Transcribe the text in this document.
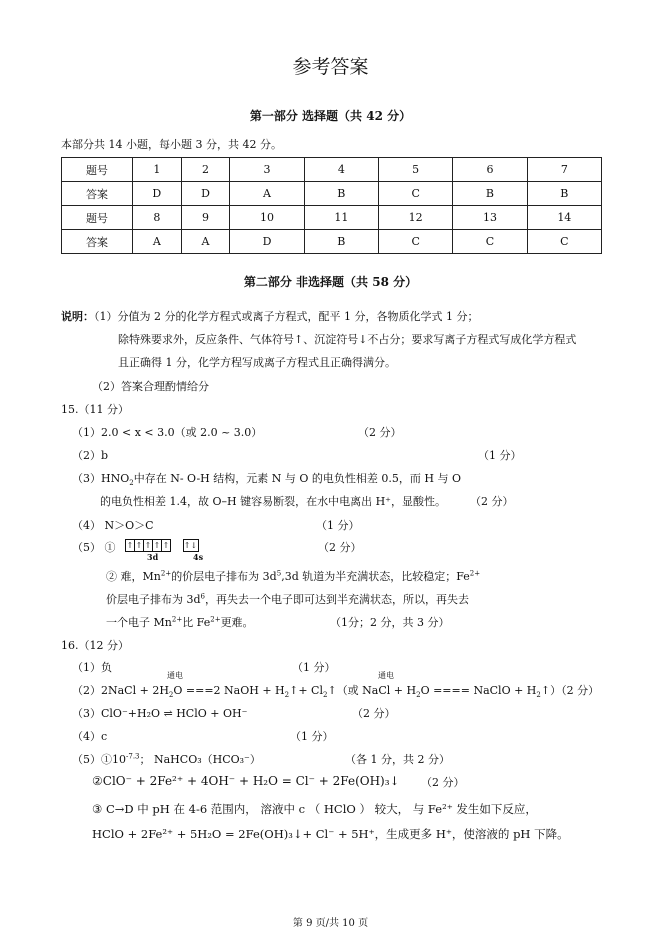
参考答案
第一部分 选择题（共 42 分）
本部分共 14 小题，每小题 3 分，共 42 分。
题号	1	2	3	4	5	6	7
答案	D	D	A	B	C	B	B
题号	8	9	10	11	12	13	14
答案	A	A	D	B	C	C	C
第二部分 非选择题（共 58 分）
说明：（1）分值为 2 分的化学方程式或离子方程式，配平 1 分，各物质化学式 1 分；
除特殊要求外，反应条件、气体符号↑、沉淀符号↓不占分；要求写离子方程式写成化学方程式
且正确得 1 分，化学方程写成离子方程式且正确得满分。
（2）答案合理酌情给分
15.（11 分）
（1）2.0 < x < 3.0（或 2.0 ~ 3.0）	（2 分）
（2）b	（1 分）
$(3)HNO_2$中存在 N- O-H 结构，元素 N 与 O 的电负性相差 0.5，而 H 与 O
的电负性相差 1.4，故 O–H 键容易断裂，在水中电离出 H⁺，显酸性。 （2 分）
（4） N＞O＞C	（1 分）
（5） ① ↑ ↑ ↑ ↑ ↑ ↑↓
3d	4s
（2 分）
② 难，$Mn^{2+}$的价层电子排布为 $3d^5,3d$ 轨道为半充满状态，比较稳定；$Fe^{2+}$
价层电子排布为 $3d^6$，再失去一个电子即可达到半充满状态，所以，再失去
一个电子 $Mn^{2+}$比 $Fe^{2+}$更难。	（1分；2 分，共 3 分）
16.（12 分）
（1）负	（1 分）
通电	通电
（2）2NaCl + $2H_2O ===2$ NaOH + $H_2↑+$ $Cl_2↑$（或 NaCl + $H_2O$ ==== NaClO + $H_2↑)(2$ 分）
（3）ClO⁻+H₂O ⇌ HClO + OH⁻	（2 分）
（4）c	（1 分）
$(5)①10^{-7.3}$； NaHCO₃（HCO₃⁻）	（各 1 分，共 2 分）
②ClO⁻ + 2Fe²⁺ + 4OH⁻ + H₂O = Cl⁻ + 2Fe(OH)₃↓ （2 分）
③ C→D 中 pH 在 4-6 范围内， 溶液中 c （ HClO ） 较大， 与 Fe²⁺ 发生如下反应，
HClO + 2Fe²⁺ + 5H₂O = 2Fe(OH)₃↓+ Cl⁻ + 5H⁺，生成更多 H⁺，使溶液的 pH 下降。
第 9 页/共 10 页
